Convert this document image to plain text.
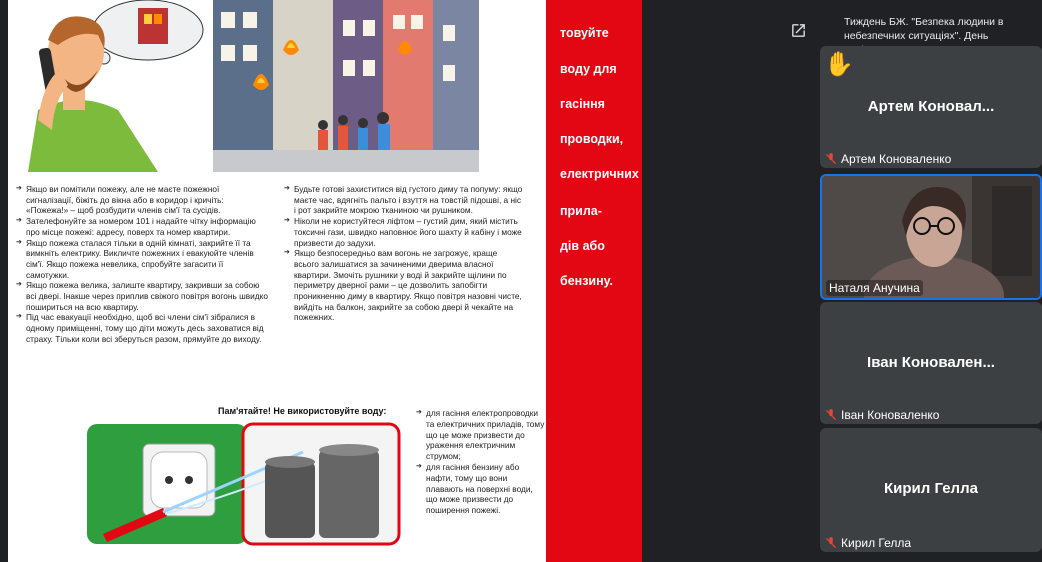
➔ Якщо ви помітили пожежу, але не маєте пожежної сигналізації, біжіть до вікна або в коридор і кричіть: «Пожежа!» – щоб розбудити членів сім'ї та сусідів.

➔ Зателефонуйте за номером 101 і надайте чітку інформацію про місце пожежі: адресу, поверх та номер квартири.

➔ Якщо пожежа сталася тільки в одній кімнаті, закрийте її та вимкніть електрику. Викличте пожежних і евакуюйте членів сім'ї. Якщо пожежа невелика, спробуйте загасити її самотужки.

➔ Якщо пожежа велика, залиште квартиру, закривши за собою всі двері. Інакше через приплив свіжого повітря вогонь швидко пошириться на всю квартиру.

➔ Під час евакуації необхідно, щоб всі члени сім'ї зібралися в одному приміщенні, тому що діти можуть десь заховатися від страху. Тільки коли всі зберуться разом, прямуйте до виходу.

➔ Будьте готові захиститися від густого диму та попуму: якщо маєте час, вдягніть пальто і взуття на товстій підошві, а ніс і рот закрийте мокрою тканиною чи рушником.

➔ Ніколи не користуйтеся ліфтом – густий дим, який містить токсичні гази, швидко наповнює його шахту й кабіну і може призвести до задухи.

➔ Якщо безпосередньо вам вогонь не загрожує, краще всього залишатися за зачиненими дверима власної квартири. Змочіть рушники у воді й закрийте щілини по периметру дверної рами – це дозволить запобігти проникненню диму в квартиру. Якщо повітря назовні чисте, вийдіть на балкон, закрийте за собою двері й чекайте на пожежних.

Пам'ятайте! Не використовуйте воду:

➔	для гасіння електропроводки та електричних приладів, тому що це може призвести до ураження електричним струмом;

➔ для гасіння бензину або нафти, тому що вони плавають на поверхні води, що може призвести до поширення пожежі.

товуйте
воду для
гасіння
проводки,
електричних
прила-
дів або
бензину.
Тиждень БЖ. "Безпека людини в небезпечних ситуаціях". День
Артем Конoвал...
Артем Коноваленко
✋
Наталя Анучина
Іван Коновален...
Іван Коноваленко
Кирил Гелла
Кирил Гелла
